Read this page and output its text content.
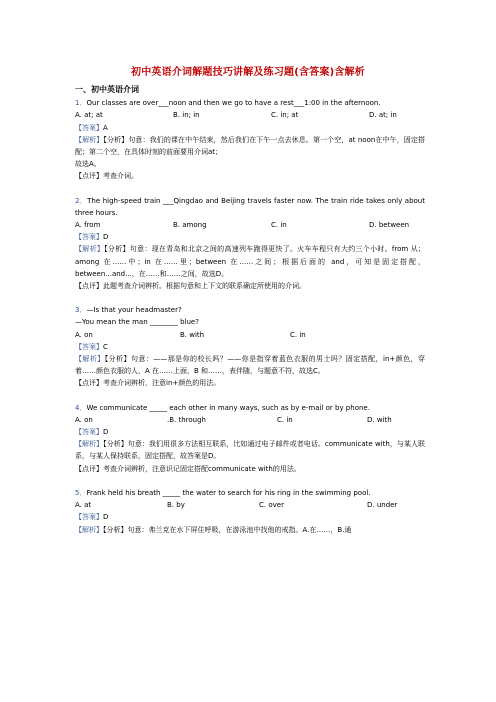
初中英语介词解题技巧讲解及练习题(含答案)含解析
一、初中英语介词
1．Our classes are over___noon and then we go to have a rest___1:00 in the afternoon.
A. at; at	B. in; in	C. in; at	D. at; in
【答案】A
【解析】【分析】句意：我们的课在中午结束，然后我们在下午一点去休息。第一个空，at noon在中午，固定搭配；第二个空，在具体时刻的前面要用介词at；
故选A。
【点评】考查介词。
2．The high-speed train ___Qingdao and Beijing travels faster now. The train ride takes only about three hours.
A. from	B. among	C. in	D. between
【答案】D
【解析】【分析】句意：现在青岛和北京之间的高速列车跑得更快了。火车车程只有大约三个小时。from 从；among 在……中；in 在……里；between 在……之间；根据后面的 and，可知是固定搭配，between...and...，在……和……之间，故选D。
【点评】此题考查介词辨析。根据句意和上下文的联系确定所使用的介词。
3．—Is that your headmaster?
—You mean the man ________ blue?
A. on	B. with	C. in
【答案】C
【解析】【分析】句意：——那是你的校长吗？——你是指穿着蓝色衣服的男士吗？固定搭配，in+颜色，穿着……颜色衣服的人，A 在……上面，B 和……，表伴随，与题意不符，故选C。
【点评】考查介词辨析，注意in+颜色的用法。
4．We communicate _____ each other in many ways, such as by e-mail or by phone.
A. on	.B. through	C. in	D. with
【答案】D
【解析】【分析】句意：我们用很多方法相互联系，比如通过电子邮件或者电话。communicate with，与某人联系，与某人保持联系，固定搭配，故答案是D。
【点评】考查介词辨析，注意识记固定搭配communicate with的用法。
5．Frank held his breath _____ the water to search for his ring in the swimming pool.
A. at	B. by	C. over	D. under
【答案】D
【解析】【分析】句意：弗兰克在水下屏住呼吸，在游泳池中找他的戒指。A.在……，B.通
